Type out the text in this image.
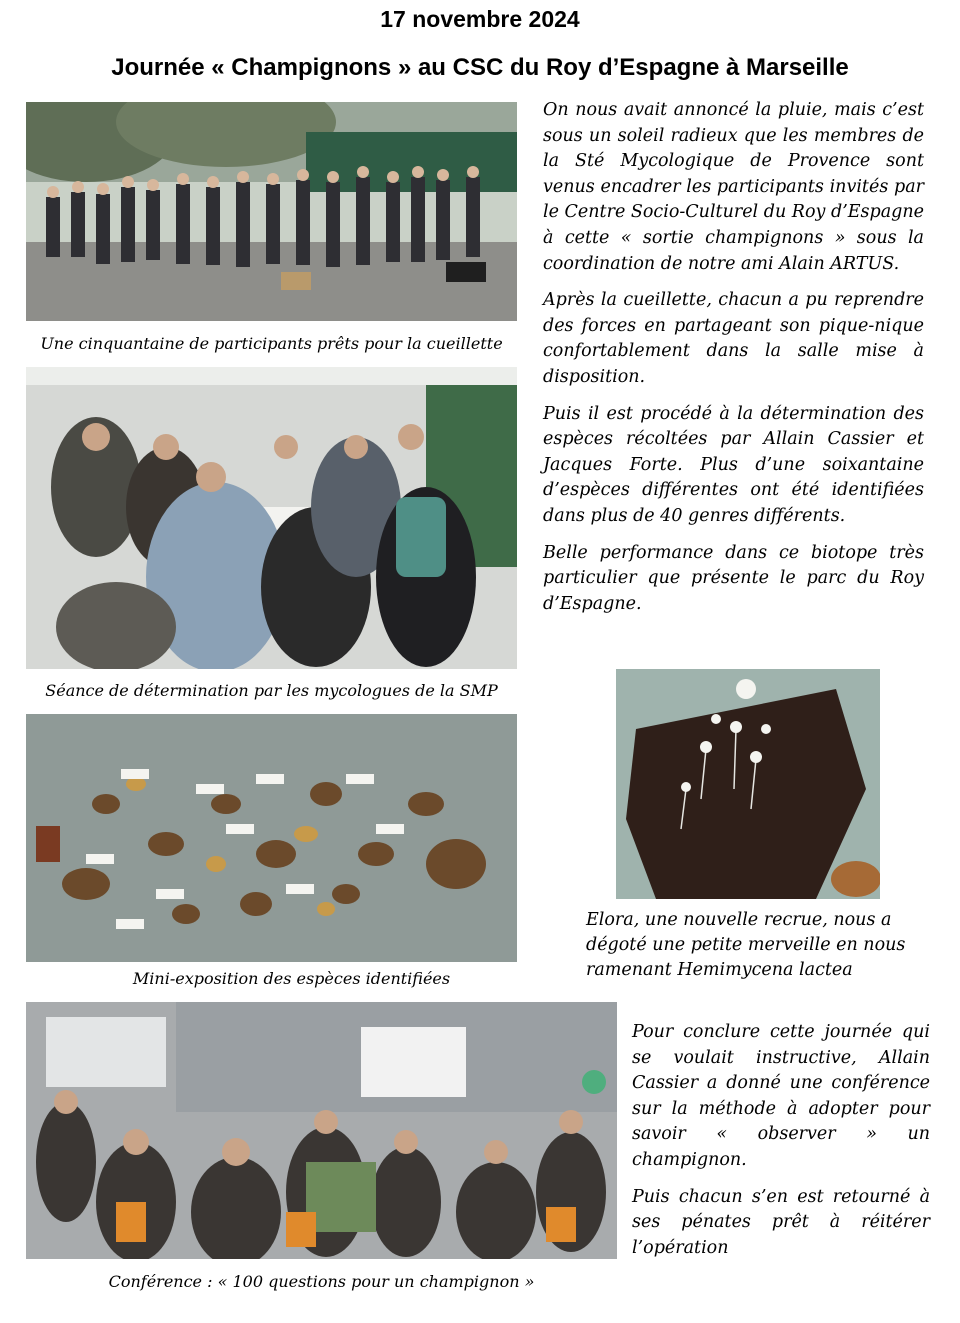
17 novembre 2024
Journée « Champignons » au CSC du Roy d’Espagne à Marseille

Une cinquantaine de participants prêts pour la cueillette

Séance de détermination par les mycologues de la SMP

Mini-exposition des espèces identifiées

Elora, une nouvelle recrue, nous a dégoté une petite merveille en nous ramenant Hemimycena lactea

Conférence : « 100 questions pour un champignon »

On nous avait annoncé la pluie, mais c’est sous un soleil radieux que les membres de la Sté Mycologique de Provence sont venus encadrer les participants invités par le Centre Socio-Culturel du Roy d’Espagne à cette « sortie champignons » sous la coordination de notre ami Alain ARTUS.

Après la cueillette, chacun a pu reprendre des forces en partageant son pique-nique confortablement dans la salle mise à disposition.

Puis il est procédé à la détermination des espèces récoltées par Allain Cassier et Jacques Forte. Plus d’une soixantaine d’espèces différentes ont été identifiées dans plus de 40 genres différents.

Belle performance dans ce biotope très particulier que présente le parc du Roy d’Espagne.

Pour conclure cette journée qui se voulait instructive, Allain Cassier a donné une conférence sur la méthode à adopter pour savoir « observer » un champignon.

Puis chacun s’en est retourné à ses pénates prêt à réitérer l’opération
